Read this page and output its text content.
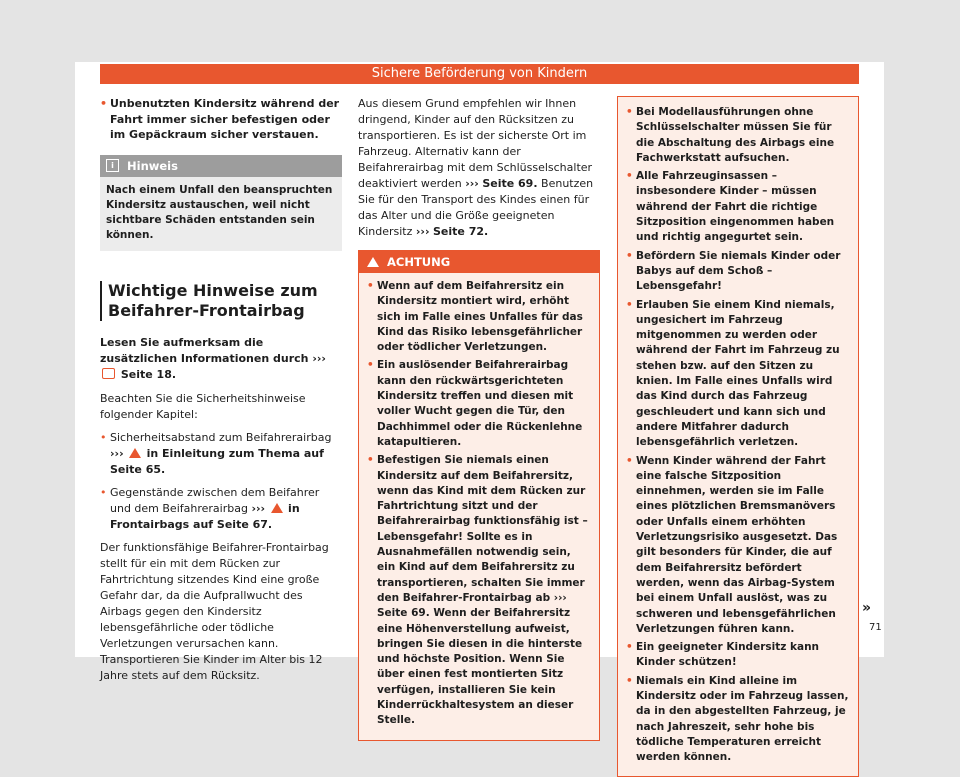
Sichere Beförderung von Kindern
• Unbenutzten Kindersitz während der Fahrt immer sicher befestigen oder im Gepäckraum sicher verstauen.
i	Hinweis
Nach einem Unfall den beanspruchten Kindersitz austauschen, weil nicht sichtbare Schäden entstanden sein können.
Wichtige Hinweise zum Beifahrer-Frontairbag
Lesen Sie aufmerksam die zusätzlichen Informationen durch ›››  Seite 18.
Beachten Sie die Sicherheitshinweise folgender Kapitel:
• Sicherheitsabstand zum Beifahrerairbag ››› in Einleitung zum Thema auf Seite 65.
• Gegenstände zwischen dem Beifahrer und dem Beifahrerairbag ››› in Frontairbags auf Seite 67.
Der funktionsfähige Beifahrer-Frontairbag stellt für ein mit dem Rücken zur Fahrtrichtung sitzendes Kind eine große Gefahr dar, da die Aufprallwucht des Airbags gegen den Kindersitz lebensgefährliche oder tödliche Verletzungen verursachen kann. Transportieren Sie Kinder im Alter bis 12 Jahre stets auf dem Rücksitz.
Aus diesem Grund empfehlen wir Ihnen dringend, Kinder auf den Rücksitzen zu transportieren. Es ist der sicherste Ort im Fahrzeug. Alternativ kann der Beifahrerairbag mit dem Schlüsselschalter deaktiviert werden ››› Seite 69. Benutzen Sie für den Transport des Kindes einen für das Alter und die Größe geeigneten Kindersitz ››› Seite 72.
ACHTUNG
• Wenn auf dem Beifahrersitz ein Kindersitz montiert wird, erhöht sich im Falle eines Unfalles für das Kind das Risiko lebensgefährlicher oder tödlicher Verletzungen.
• Ein auslösender Beifahrerairbag kann den rückwärtsgerichteten Kindersitz treffen und diesen mit voller Wucht gegen die Tür, den Dachhimmel oder die Rückenlehne katapultieren.
• Befestigen Sie niemals einen Kindersitz auf dem Beifahrersitz, wenn das Kind mit dem Rücken zur Fahrtrichtung sitzt und der Beifahrerairbag funktionsfähig ist – Lebensgefahr! Sollte es in Ausnahmefällen notwendig sein, ein Kind auf dem Beifahrersitz zu transportieren, schalten Sie immer den Beifahrer-Frontairbag ab ››› Seite 69. Wenn der Beifahrersitz eine Höhenverstellung aufweist, bringen Sie diesen in die hinterste und höchste Position. Wenn Sie über einen fest montierten Sitz verfügen, installieren Sie kein Kinderrückhaltesystem an dieser Stelle.
• Bei Modellausführungen ohne Schlüsselschalter müssen Sie für die Abschaltung des Airbags eine Fachwerkstatt aufsuchen.
• Alle Fahrzeuginsassen – insbesondere Kinder – müssen während der Fahrt die richtige Sitzposition eingenommen haben und richtig angegurtet sein.
• Befördern Sie niemals Kinder oder Babys auf dem Schoß – Lebensgefahr!
• Erlauben Sie einem Kind niemals, ungesichert im Fahrzeug mitgenommen zu werden oder während der Fahrt im Fahrzeug zu stehen bzw. auf den Sitzen zu knien. Im Falle eines Unfalls wird das Kind durch das Fahrzeug geschleudert und kann sich und andere Mitfahrer dadurch lebensgefährlich verletzen.
• Wenn Kinder während der Fahrt eine falsche Sitzposition einnehmen, werden sie im Falle eines plötzlichen Bremsmanövers oder Unfalls einem erhöhten Verletzungsrisiko ausgesetzt. Das gilt besonders für Kinder, die auf dem Beifahrersitz befördert werden, wenn das Airbag-System bei einem Unfall auslöst, was zu schweren und lebensgefährlichen Verletzungen führen kann.
• Ein geeigneter Kindersitz kann Kinder schützen!
• Niemals ein Kind alleine im Kindersitz oder im Fahrzeug lassen, da in den abgestellten Fahrzeug, je nach Jahreszeit, sehr hohe bis tödliche Temperaturen erreicht werden können.
»
71
